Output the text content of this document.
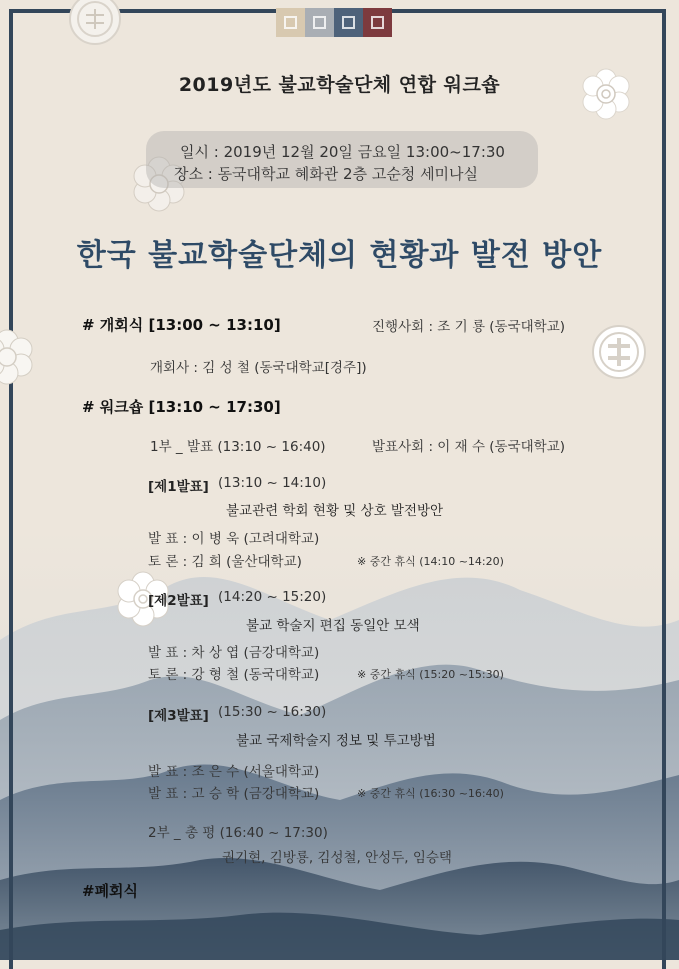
2019년도 불교학술단체 연합 워크숍
일시 : 2019년 12월 20일 금요일 13:00~17:30
장소 : 동국대학교 혜화관 2층 고순청 세미나실
한국 불교학술단체의 현황과 발전 방안
# 개회식 [13:00 ~ 13:10]	진행사회 : 조 기 룡 (동국대학교)
개회사 : 김 성 철 (동국대학교[경주])
# 워크숍 [13:10 ~ 17:30]
1부 _ 발표 (13:10 ~ 16:40)	발표사회 : 이 재 수 (동국대학교)
[제1발표] (13:10 ~ 14:10)
불교관련 학회 현황 및 상호 발전방안
발 표 : 이 병 욱 (고려대학교)
토 론 : 김 희 (울산대학교)	※ 중간 휴식 (14:10 ~14:20)
[제2발표] (14:20 ~ 15:20)
불교 학술지 편집 동일안 모색
발 표 : 차 상 엽 (금강대학교)
토 론 : 강 형 철 (동국대학교)	※ 중간 휴식 (15:20 ~15:30)
[제3발표] (15:30 ~ 16:30)
불교 국제학술지 정보 및 투고방법
발 표 : 조 은 수 (서울대학교)
발 표 : 고 승 학 (금강대학교)	※ 중간 휴식 (16:30 ~16:40)
2부 _ 총 평 (16:40 ~ 17:30)
권기현, 김방룡, 김성철, 안성두, 임승택
#폐회식
